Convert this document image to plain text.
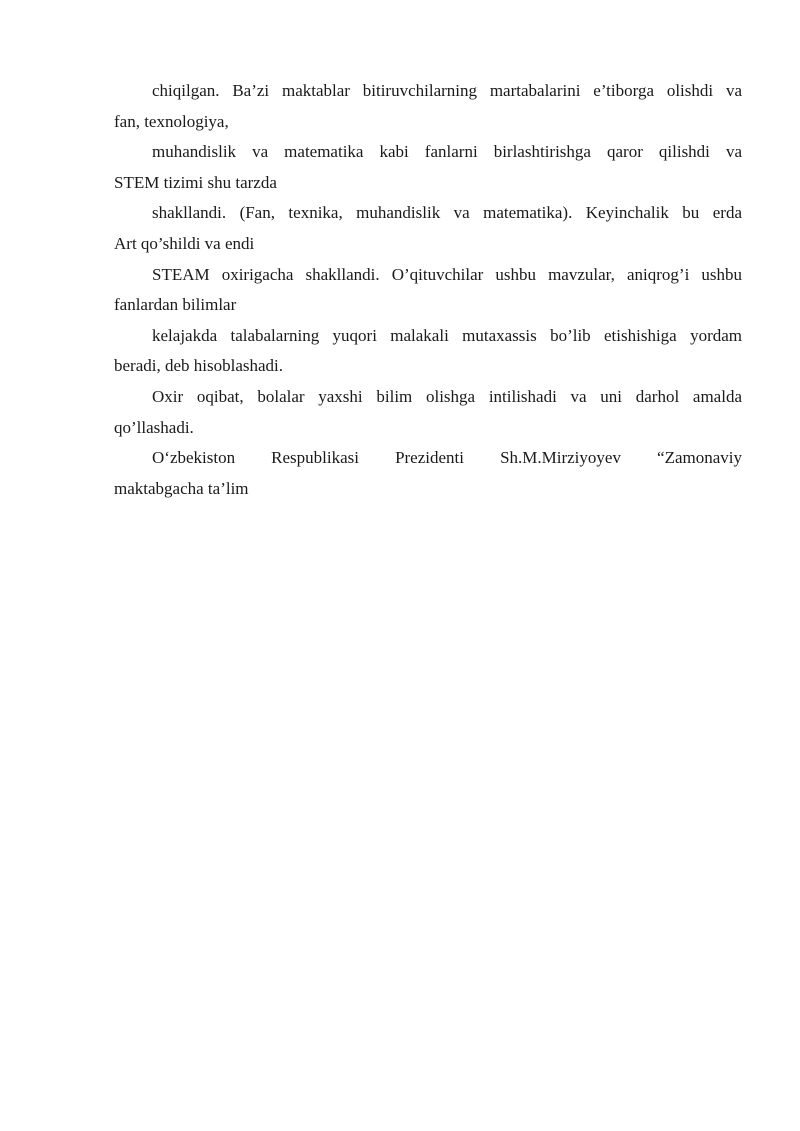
chiqilgan. Ba’zi maktablar bitiruvchilarning martabalarini e’tiborga olishdi va
fan, texnologiya,
muhandislik va matematika kabi fanlarni birlashtirishga qaror qilishdi va
STEM tizimi shu tarzda
shakllandi. (Fan, texnika, muhandislik va matematika). Keyinchalik bu erda
Art qo’shildi va endi
STEAM oxirigacha shakllandi. O’qituvchilar ushbu mavzular, aniqrog’i ushbu
fanlardan bilimlar
kelajakda talabalarning yuqori malakali mutaxassis bo’lib etishishiga yordam
beradi, deb hisoblashadi.
Oxir oqibat, bolalar yaxshi bilim olishga intilishadi va uni darhol amalda
qo’llashadi.
O‘zbekiston Respublikasi Prezidenti Sh.M.Mirziyoyev “Zamonaviy
maktabgacha ta’lim
